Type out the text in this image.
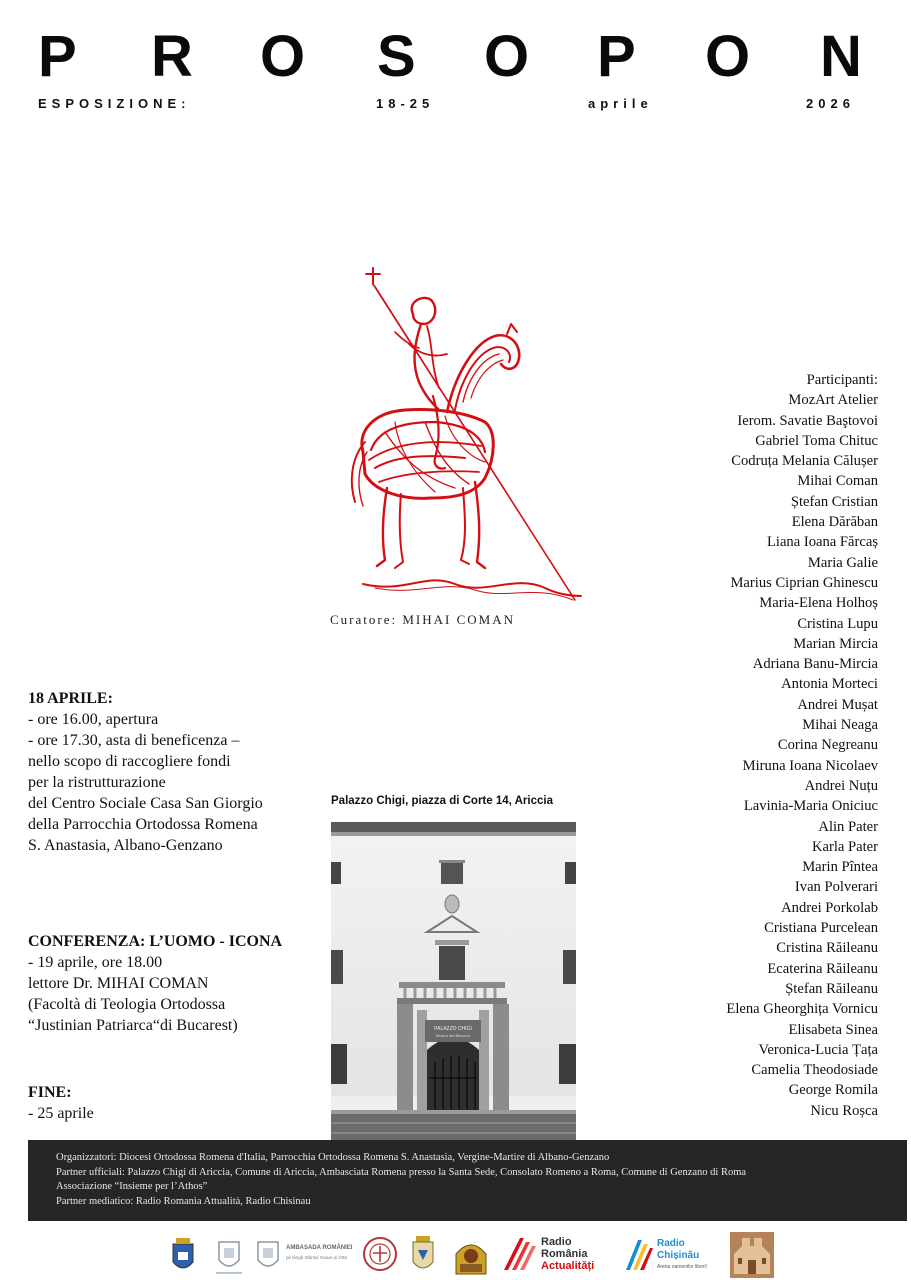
P R O S O P O N
ESPOSIZIONE:	18-25	aprile	2026
Curatore: MIHAI COMAN
Participanti:
MozArt Atelier
Ierom. Savatie Baştovoi
Gabriel Toma Chituc
Codruța Melania Călușer
Mihai Coman
Ștefan Cristian
Elena Dărăban
Liana Ioana Fărcaș
Maria Galie
Marius Ciprian Ghinescu
Maria-Elena Holhoș
Cristina Lupu
Marian Mircia
Adriana Banu-Mircia
Antonia Morteci
Andrei Mușat
Mihai Neaga
Corina Negreanu
Miruna Ioana Nicolaev
Andrei Nuțu
Lavinia-Maria Oniciuc
Alin Pater
Karla Pater
Marin Pîntea
Ivan Polverari
Andrei Porkolab
Cristiana Purcelean
Cristina Răileanu
Ecaterina Răileanu
Ștefan Răileanu
Elena Gheorghița Vornicu
Elisabeta Sinea
Veronica-Lucia Țața
Camelia Theodosiade
George Romila
Nicu Roșca
18 APRILE:
- ore 16.00, apertura
- ore 17.30, asta di beneficenza –
nello scopo di raccogliere fondi
per la ristrutturazione
del Centro Sociale Casa San Giorgio
della Parrocchia Ortodossa Romena
S. Anastasia, Albano-Genzano
CONFERENZA: L’UOMO - ICONA
- 19 aprile, ore 18.00
lettore Dr. MIHAI COMAN
(Facoltà di Teologia Ortodossa
“Justinian Patriarca“di Bucarest)
FINE:
- 25 aprile
Palazzo Chigi, piazza di Corte 14, Ariccia
PALAZZO CHIGI
Museo del Barocco
Organizzatori: Diocesi Ortodossa Romena d'Italia, Parrocchia Ortodossa Romena S. Anastasia, Vergine-Martire di Albano-Genzano
Partner ufficiali: Palazzo Chigi di Ariccia, Comune di Ariccia, Ambasciata Romena presso la Santa Sede, Consolato Romeno a Roma, Comune di Genzano di Roma
Associazione “Insieme per l’Athos”
Partner mediatico: Radio Romania Attualità, Radio Chisinau
AMBASADA ROMÂNIEI
pe lângă Sfântul Scaun și OIM
Radio
România
Actualități
Radio
Chișinău
Arena oamenilor liberi!
